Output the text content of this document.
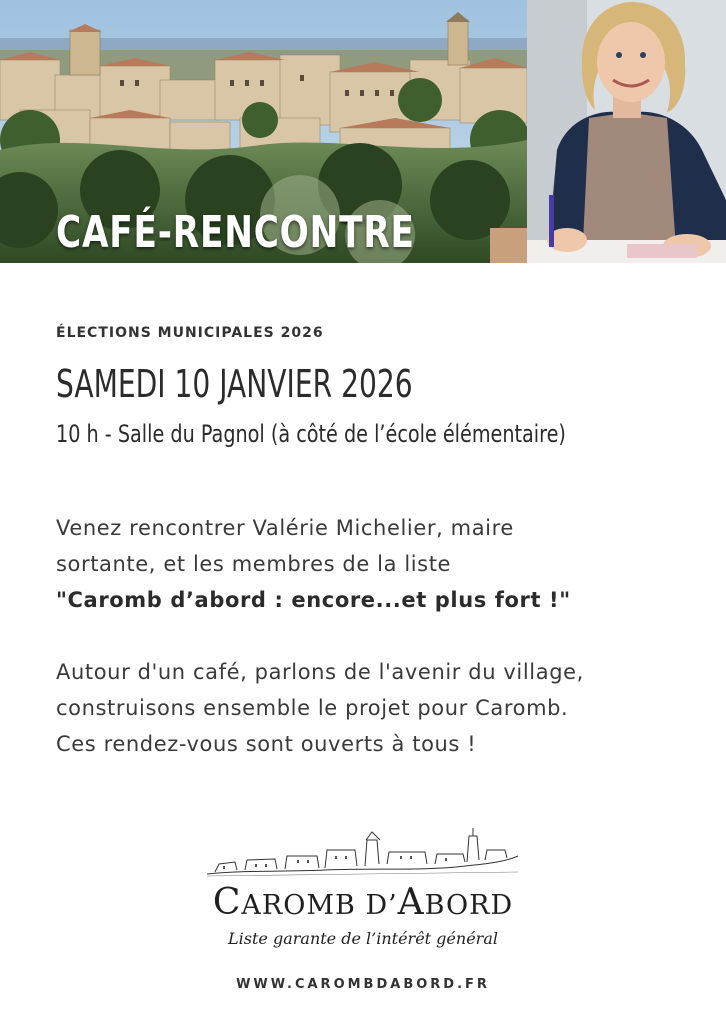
CAFÉ-RENCONTRE
ÉLECTIONS MUNICIPALES 2026
SAMEDI 10 JANVIER 2026
10 h - Salle du Pagnol (à côté de l’école élémentaire)

Venez rencontrer Valérie Michelier, maire

sortante, et les membres de la liste

"Caromb d’abord : encore...et plus fort !"

Autour d'un café, parlons de l'avenir du village,

construisons ensemble le projet pour Caromb.

Ces rendez-vous sont ouverts à tous !

CAROMB D’ABORD
Liste garante de l’intérêt général
WWW.CAROMBDABORD.FR
